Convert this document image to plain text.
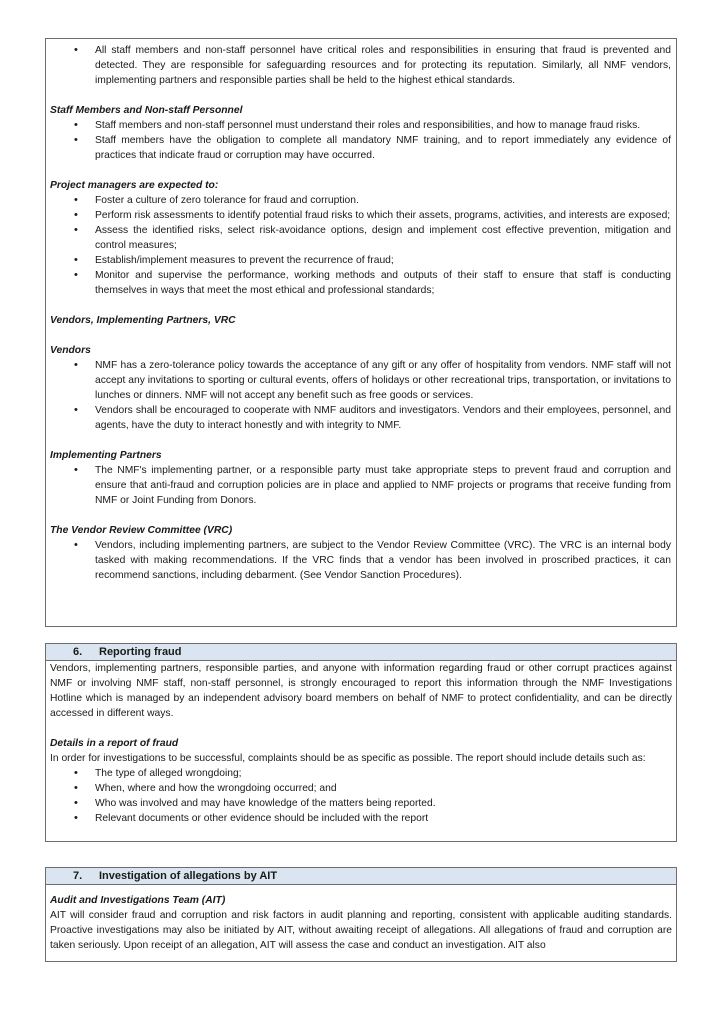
• All staff members and non-staff personnel have critical roles and responsibilities in ensuring that fraud is prevented and detected. They are responsible for safeguarding resources and for protecting its reputation. Similarly, all NMF vendors, implementing partners and responsible parties shall be held to the highest ethical standards.

Staff Members and Non-staff Personnel

• Staff members and non-staff personnel must understand their roles and responsibilities, and how to manage fraud risks.
• Staff members have the obligation to complete all mandatory NMF training, and to report immediately any evidence of practices that indicate fraud or corruption may have occurred.

Project managers are expected to:

• Foster a culture of zero tolerance for fraud and corruption.
• Perform risk assessments to identify potential fraud risks to which their assets, programs, activities, and interests are exposed;
• Assess the identified risks, select risk-avoidance options, design and implement cost effective prevention, mitigation and control measures;
• Establish/implement measures to prevent the recurrence of fraud;
• Monitor and supervise the performance, working methods and outputs of their staff to ensure that staff is conducting themselves in ways that meet the most ethical and professional standards;

Vendors, Implementing Partners, VRC

Vendors

• NMF has a zero-tolerance policy towards the acceptance of any gift or any offer of hospitality from vendors. NMF staff will not accept any invitations to sporting or cultural events, offers of holidays or other recreational trips, transportation, or invitations to lunches or dinners. NMF will not accept any benefit such as free goods or services.
• Vendors shall be encouraged to cooperate with NMF auditors and investigators. Vendors and their employees, personnel, and agents, have the duty to interact honestly and with integrity to NMF.

Implementing Partners

• The NMF's implementing partner, or a responsible party must take appropriate steps to prevent fraud and corruption and ensure that anti-fraud and corruption policies are in place and applied to NMF projects or programs that receive funding from NMF or Joint Funding from Donors.

The Vendor Review Committee (VRC)

• Vendors, including implementing partners, are subject to the Vendor Review Committee (VRC). The VRC is an internal body tasked with making recommendations. If the VRC finds that a vendor has been involved in proscribed practices, it can recommend sanctions, including debarment. (See Vendor Sanction Procedures).
6. Reporting fraud

Vendors, implementing partners, responsible parties, and anyone with information regarding fraud or other corrupt practices against NMF or involving NMF staff, non-staff personnel, is strongly encouraged to report this information through the NMF Investigations Hotline which is managed by an independent advisory board members on behalf of NMF to protect confidentiality, and can be directly accessed in different ways.

Details in a report of fraud

In order for investigations to be successful, complaints should be as specific as possible. The report should include details such as:

• The type of alleged wrongdoing;
• When, where and how the wrongdoing occurred; and
• Who was involved and may have knowledge of the matters being reported.
• Relevant documents or other evidence should be included with the report
7. Investigation of allegations by AIT

Audit and Investigations Team (AIT)

AIT will consider fraud and corruption and risk factors in audit planning and reporting, consistent with applicable auditing standards. Proactive investigations may also be initiated by AIT, without awaiting receipt of allegations. All allegations of fraud and corruption are taken seriously. Upon receipt of an allegation, AIT will assess the case and conduct an investigation. AIT also
